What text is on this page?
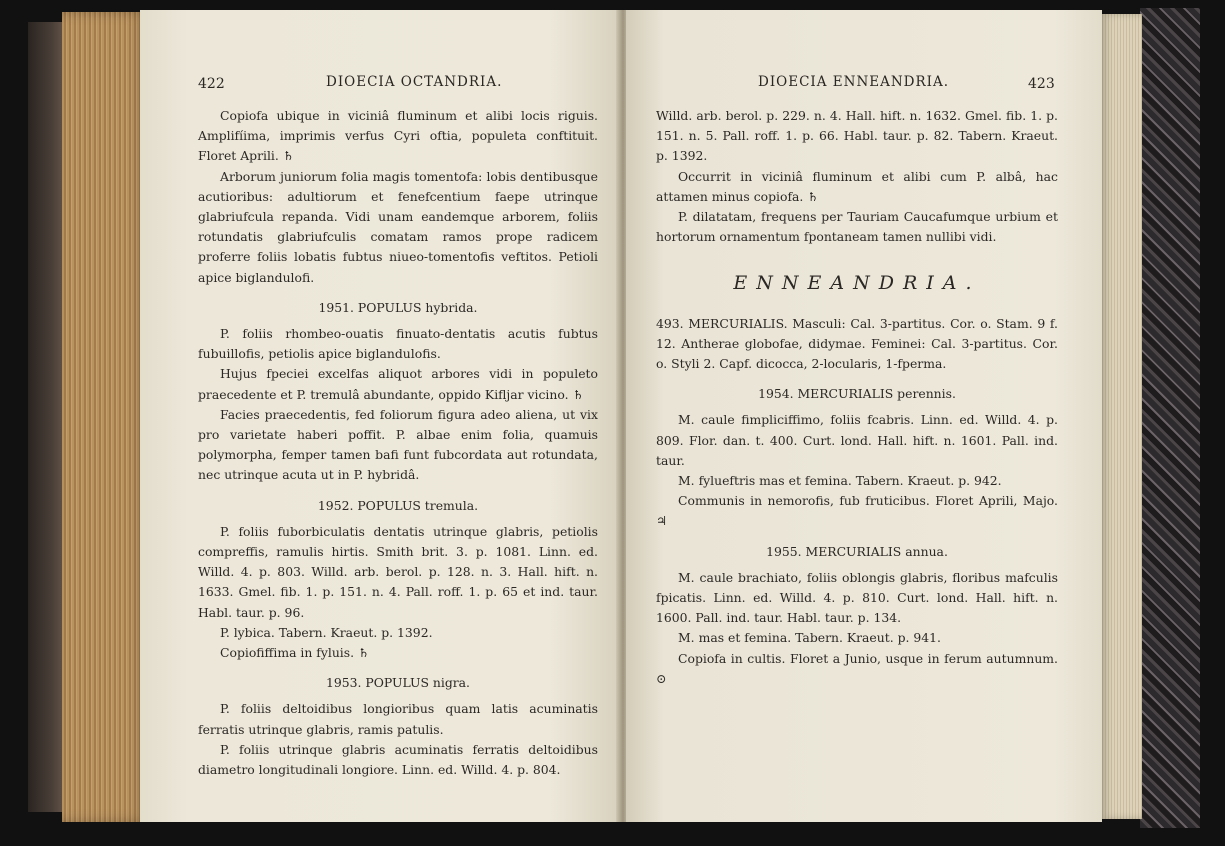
422	DIOECIA OCTANDRIA.

Copiofa ubique in viciniâ fluminum et alibi locis riguis. Amplifíima, imprimis verfus Cyri oftia, populeta conftituit. Floret Aprili. ♄

Arborum juniorum folia magis tomentofa: lobis dentibusque acutioribus: adultiorum et fenefcentium faepe utrinque glabriufcula repanda. Vidi unam eandemque arborem, foliis rotundatis glabriufculis comatam ramos prope radicem proferre foliis lobatis fubtus niueo-tomentofis veftitos. Petioli apice biglandulofi.

1951. POPULUS hybrida.

P. foliis rhombeo-ouatis finuato-dentatis acutis fubtus fubuillofis, petiolis apice biglandulofis.

Hujus fpeciei excelfas aliquot arbores vidi in populeto praecedente et P. tremulâ abundante, oppido Kifljar vicino. ♄

Facies praecedentis, fed foliorum figura adeo aliena, ut vix pro varietate haberi poffit. P. albae enim folia, quamuis polymorpha, femper tamen bafi funt fubcordata aut rotundata, nec utrinque acuta ut in P. hybridâ.

1952. POPULUS tremula.

P. foliis fuborbiculatis dentatis utrinque glabris, petiolis compreffis, ramulis hirtis. Smith brit. 3. p. 1081. Linn. ed. Willd. 4. p. 803. Willd. arb. berol. p. 128. n. 3. Hall. hift. n. 1633. Gmel. fib. 1. p. 151. n. 4. Pall. roff. 1. p. 65 et ind. taur. Habl. taur. p. 96.

P. lybica. Tabern. Kraeut. p. 1392.

Copiofiffima in fyluis. ♄

1953. POPULUS nigra.

P. foliis deltoidibus longioribus quam latis acuminatis ferratis utrinque glabris, ramis patulis.

P. foliis utrinque glabris acuminatis ferratis deltoidibus diametro longitudinali longiore. Linn. ed. Willd. 4. p. 804.

DIOECIA ENNEANDRIA.	423

Willd. arb. berol. p. 229. n. 4. Hall. hift. n. 1632. Gmel. fib. 1. p. 151. n. 5. Pall. roff. 1. p. 66. Habl. taur. p. 82. Tabern. Kraeut. p. 1392.

Occurrit in viciniâ fluminum et alibi cum P. albâ, hac attamen minus copiofa. ♄

P. dilatatam, frequens per Tauriam Caucafumque urbium et hortorum ornamentum fpontaneam tamen nullibi vidi.

ENNEANDRIA.

493. MERCURIALIS. Masculi: Cal. 3-partitus. Cor. o. Stam. 9 f. 12. Antherae globofae, didymae. Feminei: Cal. 3-partitus. Cor. o. Styli 2. Capf. dicocca, 2-locularis, 1-fperma.

1954. MERCURIALIS perennis.

M. caule fimpliciffimo, foliis fcabris. Linn. ed. Willd. 4. p. 809. Flor. dan. t. 400. Curt. lond. Hall. hift. n. 1601. Pall. ind. taur.

M. fylueftris mas et femina. Tabern. Kraeut. p. 942.

Communis in nemorofis, fub fruticibus. Floret Aprili, Majo. ♃

1955. MERCURIALIS annua.

M. caule brachiato, foliis oblongis glabris, floribus mafculis fpicatis. Linn. ed. Willd. 4. p. 810. Curt. lond. Hall. hift. n. 1600. Pall. ind. taur. Habl. taur. p. 134.

M. mas et femina. Tabern. Kraeut. p. 941.

Copiofa in cultis. Floret a Junio, usque in ferum autumnum. ⊙
